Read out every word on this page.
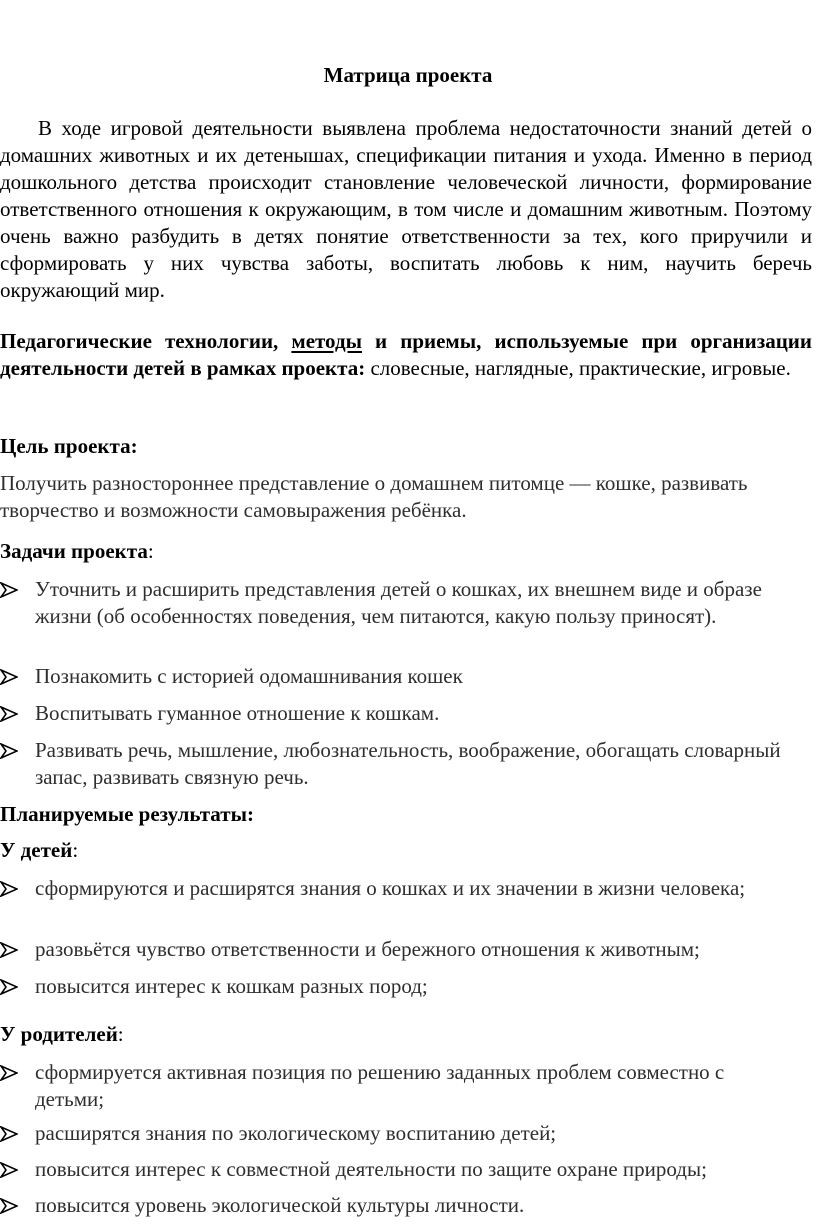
Матрица проекта
В ходе игровой деятельности выявлена проблема недостаточности знаний детей о домашних животных и их детенышах, спецификации питания и ухода. Именно в период дошкольного детства происходит становление человеческой личности, формирование ответственного отношения к окружающим, в том числе и домашним животным. Поэтому очень важно разбудить в детях понятие ответственности за тех, кого приручили и сформировать у них чувства заботы, воспитать любовь к ним, научить беречь окружающий мир.
Педагогические технологии, методы и приемы, используемые при организации деятельности детей в рамках проекта: словесные, наглядные, практические, игровые.
Цель проекта:
Получить разностороннее представление о домашнем питомце — кошке, развивать творчество и возможности самовыражения ребёнка.
Задачи проекта:
Уточнить и расширить представления детей о кошках, их внешнем виде и образе жизни (об особенностях поведения, чем питаются, какую пользу приносят).
Познакомить с историей одомашнивания кошек
Воспитывать гуманное отношение к кошкам.
Развивать речь, мышление, любознательность, воображение, обогащать словарный запас, развивать связную речь.
Планируемые результаты:
У детей:
сформируются и расширятся знания о кошках и их значении в жизни человека;
разовьётся чувство ответственности и бережного отношения к животным;
повысится интерес к кошкам разных пород;
У родителей:
сформируется активная позиция по решению заданных проблем совместно с детьми;
расширятся знания по экологическому воспитанию детей;
повысится интерес к совместной деятельности по защите охране природы;
повысится уровень экологической культуры личности.
